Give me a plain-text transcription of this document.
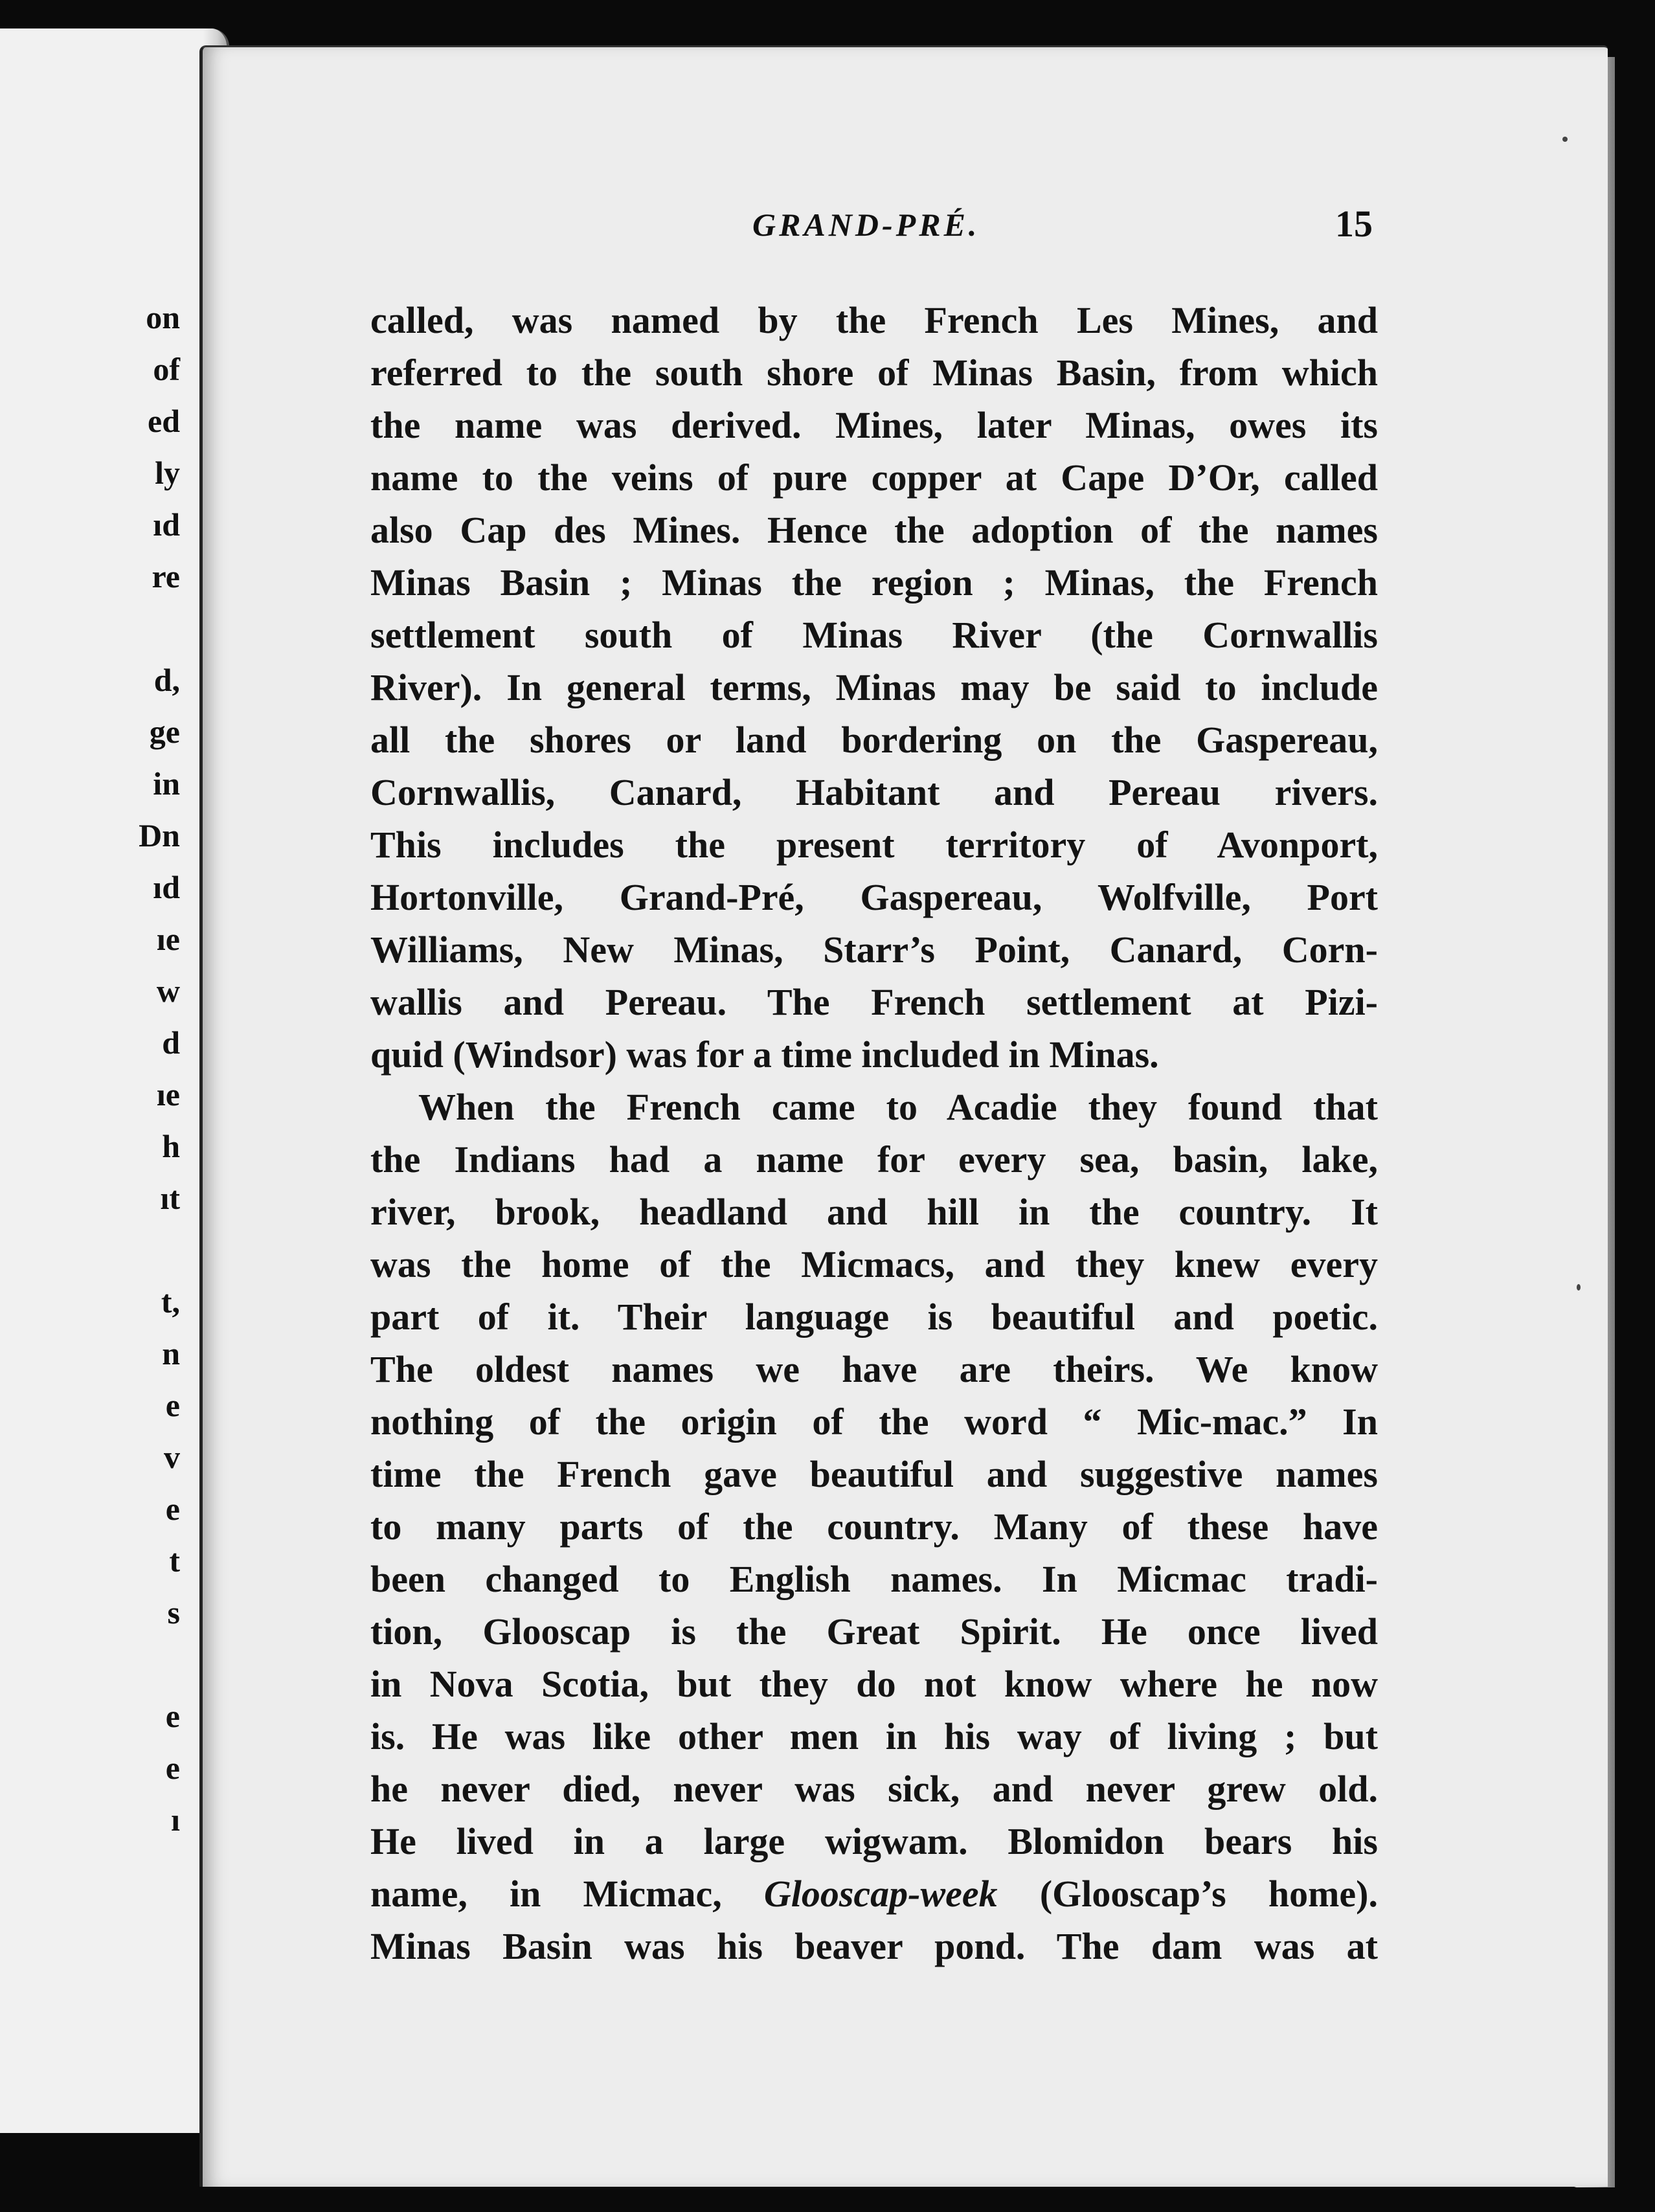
on
of
ed
ly
ıd
re
d,
ge
in
Dn
ıd
ıe
w
d
ıe
h
ıt
t,
n
e
v
e
t
s
e
e
ı
GRAND-PRÉ.	15
called, was named by the French Les Mines, and
referred to the south shore of Minas Basin, from which
the name was derived. Mines, later Minas, owes its
name to the veins of pure copper at Cape D’Or, called
also Cap des Mines. Hence the adoption of the names
Minas Basin ; Minas the region ; Minas, the French
settlement south of Minas River (the Cornwallis
River). In general terms, Minas may be said to include
all the shores or land bordering on the Gaspereau,
Cornwallis, Canard, Habitant and Pereau rivers.
This includes the present territory of Avonport,
Hortonville, Grand-Pré, Gaspereau, Wolfville, Port
Williams, New Minas, Starr’s Point, Canard, Corn-
wallis and Pereau. The French settlement at Pizi-
quid (Windsor) was for a time included in Minas.
When the French came to Acadie they found that
the Indians had a name for every sea, basin, lake,
river, brook, headland and hill in the country. It
was the home of the Micmacs, and they knew every
part of it. Their language is beautiful and poetic.
The oldest names we have are theirs. We know
nothing of the origin of the word “ Mic-mac.” In
time the French gave beautiful and suggestive names
to many parts of the country. Many of these have
been changed to English names. In Micmac tradi-
tion, Glooscap is the Great Spirit. He once lived
in Nova Scotia, but they do not know where he now
is. He was like other men in his way of living ; but
he never died, never was sick, and never grew old.
He lived in a large wigwam. Blomidon bears his
name, in Micmac, Glooscap-week (Glooscap’s home).
Minas Basin was his beaver pond. The dam was at
